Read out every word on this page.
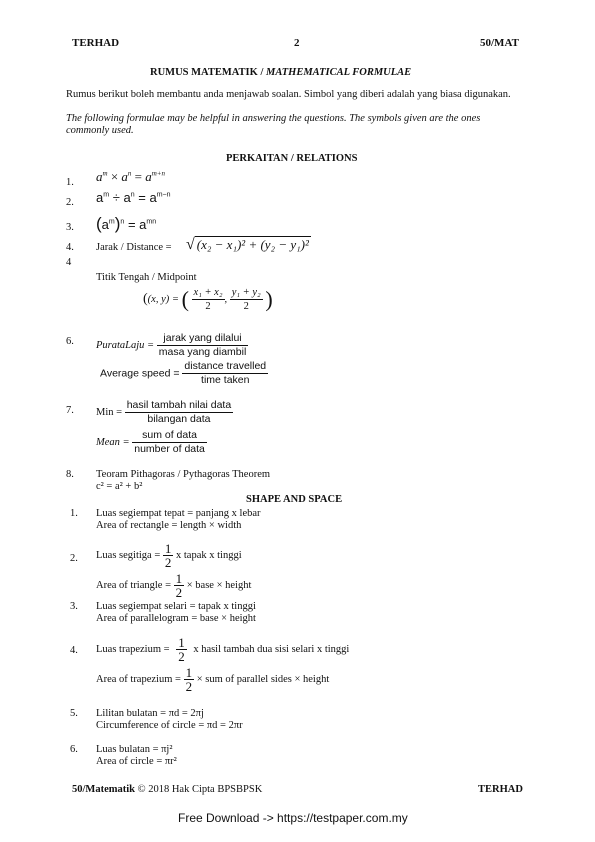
TERHAD	2	50/MAT
RUMUS MATEMATIK / MATHEMATICAL FORMULAE
Rumus berikut boleh membantu anda menjawab soalan. Simbol yang diberi adalah yang biasa digunakan.
The following formulae may be helpful in answering the questions. The symbols given are the ones commonly used.
PERKAITAN / RELATIONS
1. $a^m \times a^n = a^{m+n}$
2. $a^m \div a^n = a^{m-n}$
3. $(a^m)^n = a^{mn}$
4. Jarak / Distance = √ (x₂ − x₁)² + (y₂ − y₁)²
4
Titik Tengah / Midpoint
((x, y) = ( $\frac{\text{x₁ + x₂}}{2}$ , $\frac{\text{y₁ + y₂}}{2}$ )
6. PurataLaju = $\frac{\text{jarak yang dilalui}}{\text{masa yang diambil}}$
Average speed = $\frac{\text{distance travelled}}{\text{time taken}}$
7. Min = $\frac{\text{hasil tambah nilai data}}{\text{bilangan data}}$
Mean = $\frac{\text{sum of data}}{\text{number of data}}$
8. Teoram Pithagoras / Pythagoras Theorem
c² = a² + b²
SHAPE AND SPACE
1. Luas segiempat tepat = panjang x lebar
Area of rectangle = length × width
2. Luas segitiga = $\frac{1}{2}$ x tapak x tinggi
Area of triangle = $\frac{1}{2}$ × base × height
3. Luas segiempat selari = tapak x tinggi
Area of parallelogram = base × height
4. Luas trapezium = $\frac{1}{2}$ x hasil tambah dua sisi selari x tinggi
Area of trapezium = $\frac{1}{2}$ × sum of parallel sides × height
5. Lilitan bulatan = πd = 2πj
Circumference of circle = πd = 2πr
6. Luas bulatan = πj²
Area of circle = πr²
50/Matematik © 2018 Hak Cipta BPSBPSK	TERHAD
Free Download -> https://testpaper.com.my
